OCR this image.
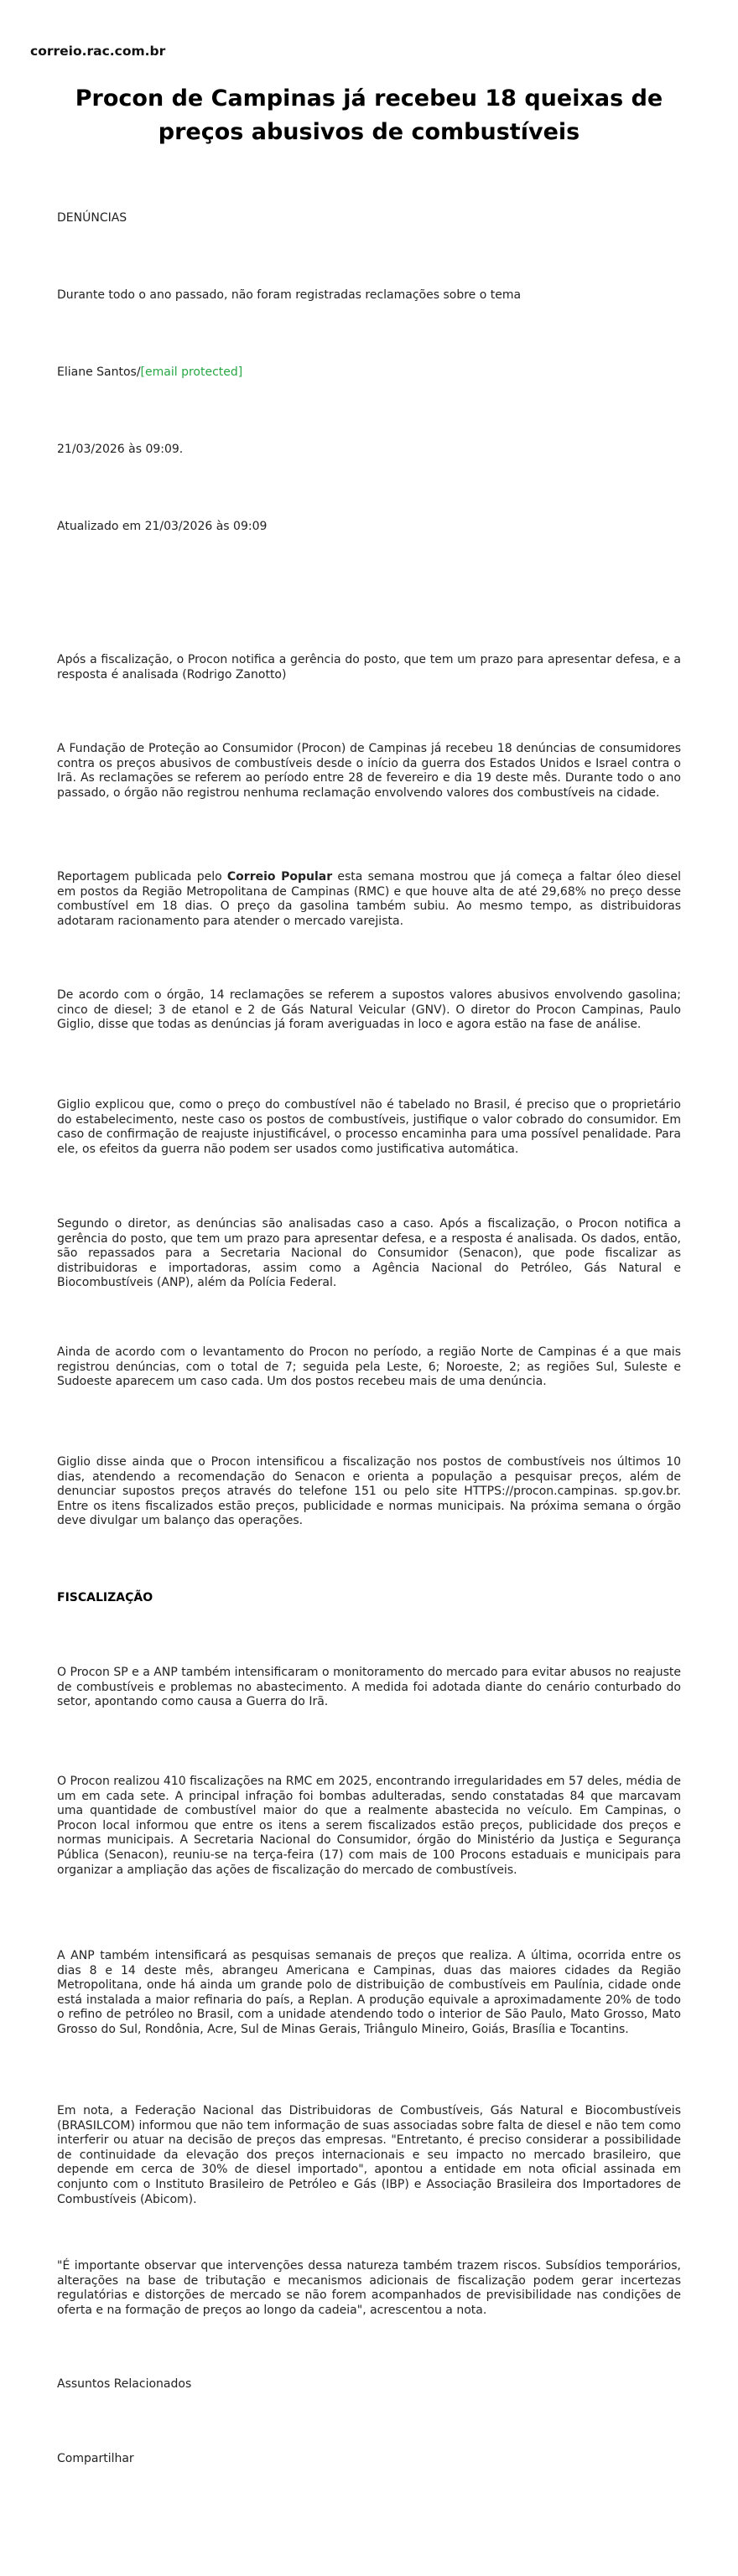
correio.rac.com.br
Procon de Campinas já recebeu 18 queixas de preços abusivos de combustíveis
DENÚNCIAS
Durante todo o ano passado, não foram registradas reclamações sobre o tema
Eliane Santos/[email protected]
21/03/2026 às 09:09.
Atualizado em 21/03/2026 às 09:09

Após a fiscalização, o Procon notifica a gerência do posto, que tem um prazo para apresentar defesa, e a resposta é analisada (Rodrigo Zanotto)

A Fundação de Proteção ao Consumidor (Procon) de Campinas já recebeu 18 denúncias de consumidores contra os preços abusivos de combustíveis desde o início da guerra dos Estados Unidos e Israel contra o Irã. As reclamações se referem ao período entre 28 de fevereiro e dia 19 deste mês. Durante todo o ano passado, o órgão não registrou nenhuma reclamação envolvendo valores dos combustíveis na cidade.

Reportagem publicada pelo Correio Popular esta semana mostrou que já começa a faltar óleo diesel em postos da Região Metropolitana de Campinas (RMC) e que houve alta de até 29,68% no preço desse combustível em 18 dias. O preço da gasolina também subiu. Ao mesmo tempo, as distribuidoras adotaram racionamento para atender o mercado varejista.

De acordo com o órgão, 14 reclamações se referem a supostos valores abusivos envolvendo gasolina; cinco de diesel; 3 de etanol e 2 de Gás Natural Veicular (GNV). O diretor do Procon Campinas, Paulo Giglio, disse que todas as denúncias já foram averiguadas in loco e agora estão na fase de análise.

Giglio explicou que, como o preço do combustível não é tabelado no Brasil, é preciso que o proprietário do estabelecimento, neste caso os postos de combustíveis, justifique o valor cobrado do consumidor. Em caso de confirmação de reajuste injustificável, o processo encaminha para uma possível penalidade. Para ele, os efeitos da guerra não podem ser usados como justificativa automática.

Segundo o diretor, as denúncias são analisadas caso a caso. Após a fiscalização, o Procon notifica a gerência do posto, que tem um prazo para apresentar defesa, e a resposta é analisada. Os dados, então, são repassados para a Secretaria Nacional do Consumidor (Senacon), que pode fiscalizar as distribuidoras e importadoras, assim como a Agência Nacional do Petróleo, Gás Natural e Biocombustíveis (ANP), além da Polícia Federal.

Ainda de acordo com o levantamento do Procon no período, a região Norte de Campinas é a que mais registrou denúncias, com o total de 7; seguida pela Leste, 6; Noroeste, 2; as regiões Sul, Suleste e Sudoeste aparecem um caso cada. Um dos postos recebeu mais de uma denúncia.

Giglio disse ainda que o Procon intensificou a fiscalização nos postos de combustíveis nos últimos 10 dias, atendendo a recomendação do Senacon e orienta a população a pesquisar preços, além de denunciar supostos preços através do telefone 151 ou pelo site HTTPS://procon.campinas. sp.gov.br. Entre os itens fiscalizados estão preços, publicidade e normas municipais. Na próxima semana o órgão deve divulgar um balanço das operações.

FISCALIZAÇÃO

O Procon SP e a ANP também intensificaram o monitoramento do mercado para evitar abusos no reajuste de combustíveis e problemas no abastecimento. A medida foi adotada diante do cenário conturbado do setor, apontando como causa a Guerra do Irã.

O Procon realizou 410 fiscalizações na RMC em 2025, encontrando irregularidades em 57 deles, média de um em cada sete. A principal infração foi bombas adulteradas, sendo constatadas 84 que marcavam uma quantidade de combustível maior do que a realmente abastecida no veículo. Em Campinas, o Procon local informou que entre os itens a serem fiscalizados estão preços, publicidade dos preços e normas municipais. A Secretaria Nacional do Consumidor, órgão do Ministério da Justiça e Segurança Pública (Senacon), reuniu-se na terça-feira (17) com mais de 100 Procons estaduais e municipais para organizar a ampliação das ações de fiscalização do mercado de combustíveis.

A ANP também intensificará as pesquisas semanais de preços que realiza. A última, ocorrida entre os dias 8 e 14 deste mês, abrangeu Americana e Campinas, duas das maiores cidades da Região Metropolitana, onde há ainda um grande polo de distribuição de combustíveis em Paulínia, cidade onde está instalada a maior refinaria do país, a Replan. A produção equivale a aproximadamente 20% de todo o refino de petróleo no Brasil, com a unidade atendendo todo o interior de São Paulo, Mato Grosso, Mato Grosso do Sul, Rondônia, Acre, Sul de Minas Gerais, Triângulo Mineiro, Goiás, Brasília e Tocantins.

Em nota, a Federação Nacional das Distribuidoras de Combustíveis, Gás Natural e Biocombustíveis (BRASILCOM) informou que não tem informação de suas associadas sobre falta de diesel e não tem como interferir ou atuar na decisão de preços das empresas. "Entretanto, é preciso considerar a possibilidade de continuidade da elevação dos preços internacionais e seu impacto no mercado brasileiro, que depende em cerca de 30% de diesel importado", apontou a entidade em nota oficial assinada em conjunto com o Instituto Brasileiro de Petróleo e Gás (IBP) e Associação Brasileira dos Importadores de Combustíveis (Abicom).

"É importante observar que intervenções dessa natureza também trazem riscos. Subsídios temporários, alterações na base de tributação e mecanismos adicionais de fiscalização podem gerar incertezas regulatórias e distorções de mercado se não forem acompanhados de previsibilidade nas condições de oferta e na formação de preços ao longo da cadeia", acrescentou a nota.

Assuntos Relacionados
Compartilhar
